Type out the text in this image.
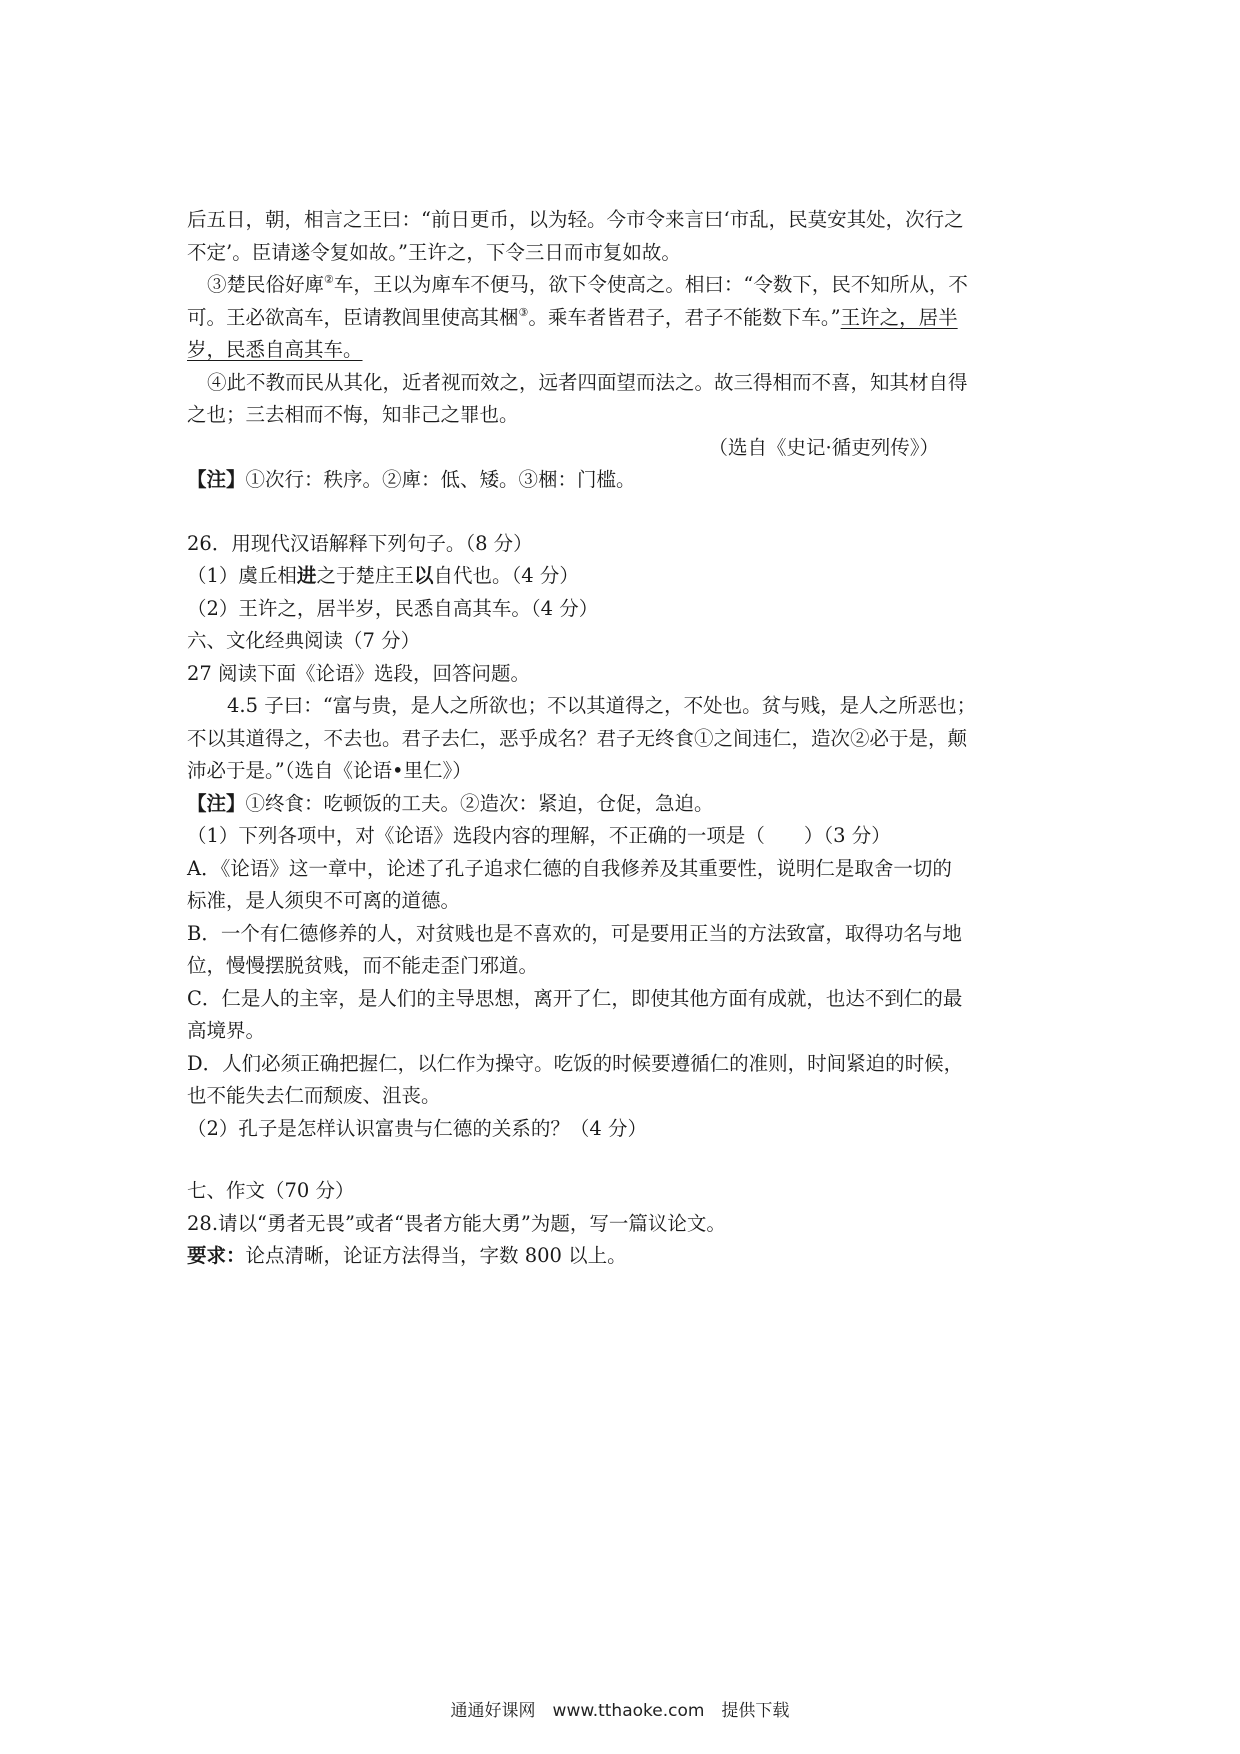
后五日，朝，相言之王曰：“前日更币，以为轻。今市令来言曰‘市乱，民莫安其处，次行之
不定’。臣请遂令复如故。”王许之，下令三日而市复如故。
③楚民俗好庳②车，王以为庳车不便马，欲下令使高之。相曰：“令数下，民不知所从，不
可。王必欲高车，臣请教闾里使高其梱③。乘车者皆君子，君子不能数下车。”王许之，居半
岁，民悉自高其车。
④此不教而民从其化，近者视而效之，远者四面望而法之。故三得相而不喜，知其材自得
之也；三去相而不悔，知非己之罪也。
（选自《史记·循吏列传》）
【注】①次行：秩序。②庳：低、矮。③梱：门槛。
26．用现代汉语解释下列句子。（8 分）
（1）虞丘相进之于楚庄王以自代也。（4 分）
（2）王许之，居半岁，民悉自高其车。（4 分）
六、文化经典阅读（7 分）
27 阅读下面《论语》选段，回答问题。
4.5 子曰：“富与贵，是人之所欲也；不以其道得之，不处也。贫与贱，是人之所恶也；
不以其道得之，不去也。君子去仁，恶乎成名？君子无终食①之间违仁，造次②必于是，颠
沛必于是。”（选自《论语•里仁》）
【注】①终食：吃顿饭的工夫。②造次：紧迫，仓促，急迫。
（1）下列各项中，对《论语》选段内容的理解，不正确的一项是（　　）（3 分）
A．《论语》这一章中，论述了孔子追求仁德的自我修养及其重要性，说明仁是取舍一切的
标准，是人须臾不可离的道德。
B．一个有仁德修养的人，对贫贱也是不喜欢的，可是要用正当的方法致富，取得功名与地
位，慢慢摆脱贫贱，而不能走歪门邪道。
C．仁是人的主宰，是人们的主导思想，离开了仁，即使其他方面有成就，也达不到仁的最
高境界。
D．人们必须正确把握仁，以仁作为操守。吃饭的时候要遵循仁的准则，时间紧迫的时候，
也不能失去仁而颓废、沮丧。
（2）孔子是怎样认识富贵与仁德的关系的？（4 分）
七、作文（70 分）
28.请以“勇者无畏”或者“畏者方能大勇”为题，写一篇议论文。
要求：论点清晰，论证方法得当，字数 800 以上。
通通好课网　www.tthaoke.com　提供下载
